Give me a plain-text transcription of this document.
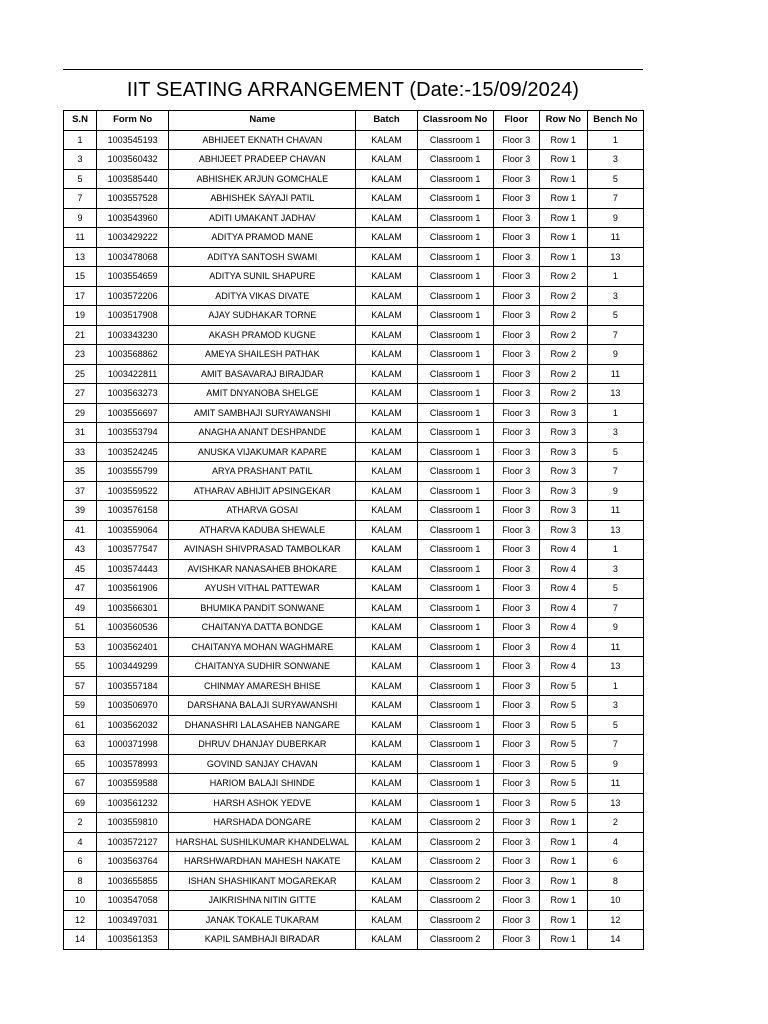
IIT SEATING ARRANGEMENT (Date:-15/09/2024)
S.N	Form No	Name	Batch	Classroom No	Floor	Row No	Bench No
1	1003545193	ABHIJEET EKNATH CHAVAN	KALAM	Classroom 1	Floor 3	Row 1	1
3	1003560432	ABHIJEET PRADEEP CHAVAN	KALAM	Classroom 1	Floor 3	Row 1	3
5	1003585440	ABHISHEK ARJUN GOMCHALE	KALAM	Classroom 1	Floor 3	Row 1	5
7	1003557528	ABHISHEK SAYAJI PATIL	KALAM	Classroom 1	Floor 3	Row 1	7
9	1003543960	ADITI UMAKANT JADHAV	KALAM	Classroom 1	Floor 3	Row 1	9
11	1003429222	ADITYA PRAMOD MANE	KALAM	Classroom 1	Floor 3	Row 1	11
13	1003478068	ADITYA SANTOSH SWAMI	KALAM	Classroom 1	Floor 3	Row 1	13
15	1003554659	ADITYA SUNIL SHAPURE	KALAM	Classroom 1	Floor 3	Row 2	1
17	1003572206	ADITYA VIKAS DIVATE	KALAM	Classroom 1	Floor 3	Row 2	3
19	1003517908	AJAY SUDHAKAR TORNE	KALAM	Classroom 1	Floor 3	Row 2	5
21	1003343230	AKASH PRAMOD KUGNE	KALAM	Classroom 1	Floor 3	Row 2	7
23	1003568862	AMEYA SHAILESH PATHAK	KALAM	Classroom 1	Floor 3	Row 2	9
25	1003422811	AMIT BASAVARAJ BIRAJDAR	KALAM	Classroom 1	Floor 3	Row 2	11
27	1003563273	AMIT DNYANOBA SHELGE	KALAM	Classroom 1	Floor 3	Row 2	13
29	1003556697	AMIT SAMBHAJI SURYAWANSHI	KALAM	Classroom 1	Floor 3	Row 3	1
31	1003553794	ANAGHA ANANT DESHPANDE	KALAM	Classroom 1	Floor 3	Row 3	3
33	1003524245	ANUSKA VIJAKUMAR KAPARE	KALAM	Classroom 1	Floor 3	Row 3	5
35	1003555799	ARYA PRASHANT PATIL	KALAM	Classroom 1	Floor 3	Row 3	7
37	1003559522	ATHARAV ABHIJIT APSINGEKAR	KALAM	Classroom 1	Floor 3	Row 3	9
39	1003576158	ATHARVA GOSAI	KALAM	Classroom 1	Floor 3	Row 3	11
41	1003559064	ATHARVA KADUBA SHEWALE	KALAM	Classroom 1	Floor 3	Row 3	13
43	1003577547	AVINASH SHIVPRASAD TAMBOLKAR	KALAM	Classroom 1	Floor 3	Row 4	1
45	1003574443	AVISHKAR NANASAHEB BHOKARE	KALAM	Classroom 1	Floor 3	Row 4	3
47	1003561906	AYUSH VITHAL PATTEWAR	KALAM	Classroom 1	Floor 3	Row 4	5
49	1003566301	BHUMIKA PANDIT SONWANE	KALAM	Classroom 1	Floor 3	Row 4	7
51	1003560536	CHAITANYA DATTA BONDGE	KALAM	Classroom 1	Floor 3	Row 4	9
53	1003562401	CHAITANYA MOHAN WAGHMARE	KALAM	Classroom 1	Floor 3	Row 4	11
55	1003449299	CHAITANYA SUDHIR SONWANE	KALAM	Classroom 1	Floor 3	Row 4	13
57	1003557184	CHINMAY AMARESH BHISE	KALAM	Classroom 1	Floor 3	Row 5	1
59	1003506970	DARSHANA BALAJI SURYAWANSHI	KALAM	Classroom 1	Floor 3	Row 5	3
61	1003562032	DHANASHRI LALASAHEB NANGARE	KALAM	Classroom 1	Floor 3	Row 5	5
63	1000371998	DHRUV DHANJAY DUBERKAR	KALAM	Classroom 1	Floor 3	Row 5	7
65	1003578993	GOVIND SANJAY CHAVAN	KALAM	Classroom 1	Floor 3	Row 5	9
67	1003559588	HARIOM BALAJI SHINDE	KALAM	Classroom 1	Floor 3	Row 5	11
69	1003561232	HARSH ASHOK YEDVE	KALAM	Classroom 1	Floor 3	Row 5	13
2	1003559810	HARSHADA DONGARE	KALAM	Classroom 2	Floor 3	Row 1	2
4	1003572127	HARSHAL SUSHILKUMAR KHANDELWAL	KALAM	Classroom 2	Floor 3	Row 1	4
6	1003563764	HARSHWARDHAN MAHESH NAKATE	KALAM	Classroom 2	Floor 3	Row 1	6
8	1003655855	ISHAN SHASHIKANT MOGAREKAR	KALAM	Classroom 2	Floor 3	Row 1	8
10	1003547058	JAIKRISHNA NITIN GITTE	KALAM	Classroom 2	Floor 3	Row 1	10
12	1003497031	JANAK TOKALE TUKARAM	KALAM	Classroom 2	Floor 3	Row 1	12
14	1003561353	KAPIL SAMBHAJI BIRADAR	KALAM	Classroom 2	Floor 3	Row 1	14
